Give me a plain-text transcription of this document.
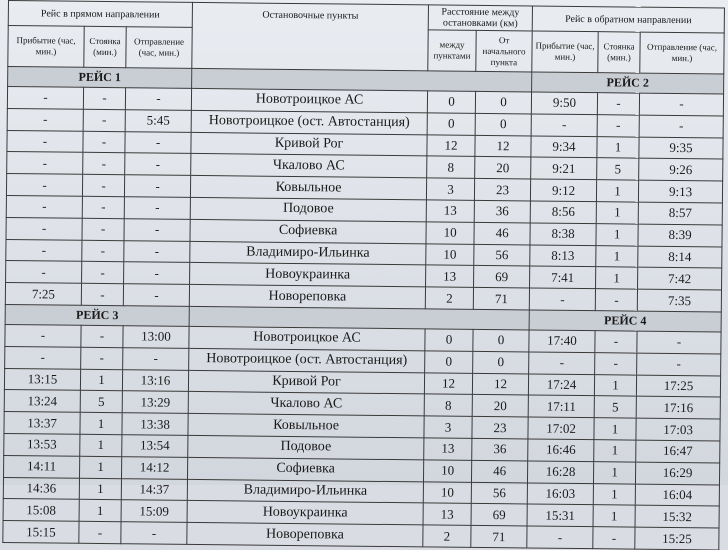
Рейс в прямом направлении			Остановочные пункты	Расстояние между остановками (км)		Рейс в обратном направлении		
Прибытие (час, мин.)	Стоянка (мин.)	Отправление (час, мин.)		между пунктами	От начального пункта	Прибытие (час, мин.)	Стоянка (мин.)	Отправление (час, мин.)
РЕЙС 1						РЕЙС 2		
-	-	-	Новотроицкое АС	0	0	9:50	-	-
-	-	5:45	Новотроицкое (ост. Автостанция)	0	0	-	-	-
-	-	-	Кривой Рог	12	12	9:34	1	9:35
-	-	-	Чкалово АС	8	20	9:21	5	9:26
-	-	-	Ковыльное	3	23	9:12	1	9:13
-	-	-	Подовое	13	36	8:56	1	8:57
-	-	-	Софиевка	10	46	8:38	1	8:39
-	-	-	Владимиро-Ильинка	10	56	8:13	1	8:14
-	-	-	Новоукраинка	13	69	7:41	1	7:42
7:25	-	-	Новореповка	2	71	-	-	7:35
РЕЙС 3						РЕЙС 4		
-	-	13:00	Новотроицкое АС	0	0	17:40	-	-
-	-	-	Новотроицкое (ост. Автостанция)	0	0	-	-	-
13:15	1	13:16	Кривой Рог	12	12	17:24	1	17:25
13:24	5	13:29	Чкалово АС	8	20	17:11	5	17:16
13:37	1	13:38	Ковыльное	3	23	17:02	1	17:03
13:53	1	13:54	Подовое	13	36	16:46	1	16:47
14:11	1	14:12	Софиевка	10	46	16:28	1	16:29
14:36	1	14:37	Владимиро-Ильинка	10	56	16:03	1	16:04
15:08	1	15:09	Новоукраинка	13	69	15:31	1	15:32
15:15	-	-	Новореповка	2	71	-	-	15:25
